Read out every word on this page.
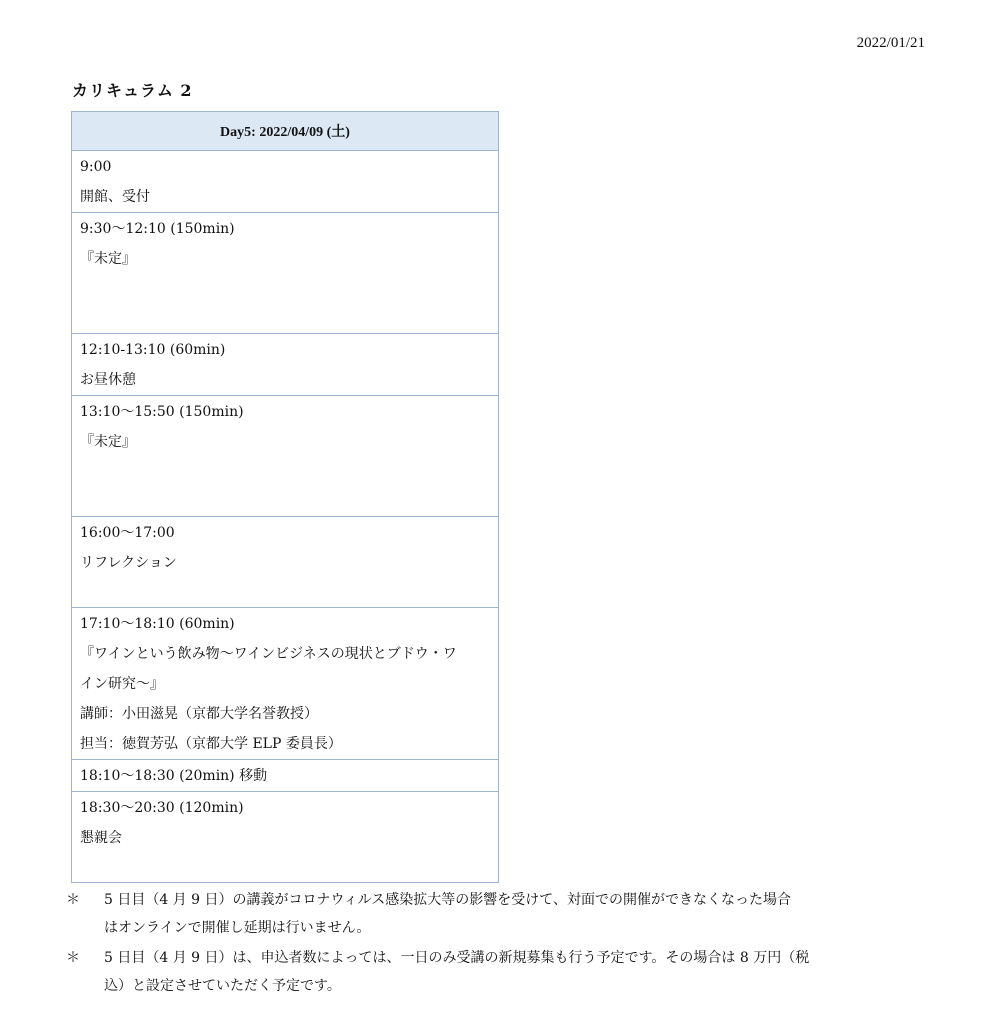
2022/01/21
カリキュラム 2
Day5: 2022/04/09 (土)

9:00
開館、受付

9:30〜12:10 (150min)
『未定』

12:10-13:10 (60min)
お昼休憩

13:10〜15:50 (150min)
『未定』

16:00〜17:00
リフレクション

17:10〜18:10 (60min)
『ワインという飲み物〜ワインビジネスの現状とブドウ・ワ
イン研究〜』
講師：小田滋晃（京都大学名誉教授）
担当：徳賀芳弘（京都大学 ELP 委員長）

18:10〜18:30 (20min) 移動

18:30〜20:30 (120min)
懇親会
＊	5 日目（4 月 9 日）の講義がコロナウィルス感染拡大等の影響を受けて、対面での開催ができなくなった場合
はオンラインで開催し延期は行いません。
＊	5 日目（4 月 9 日）は、申込者数によっては、一日のみ受講の新規募集も行う予定です。その場合は 8 万円（税
込）と設定させていただく予定です。
